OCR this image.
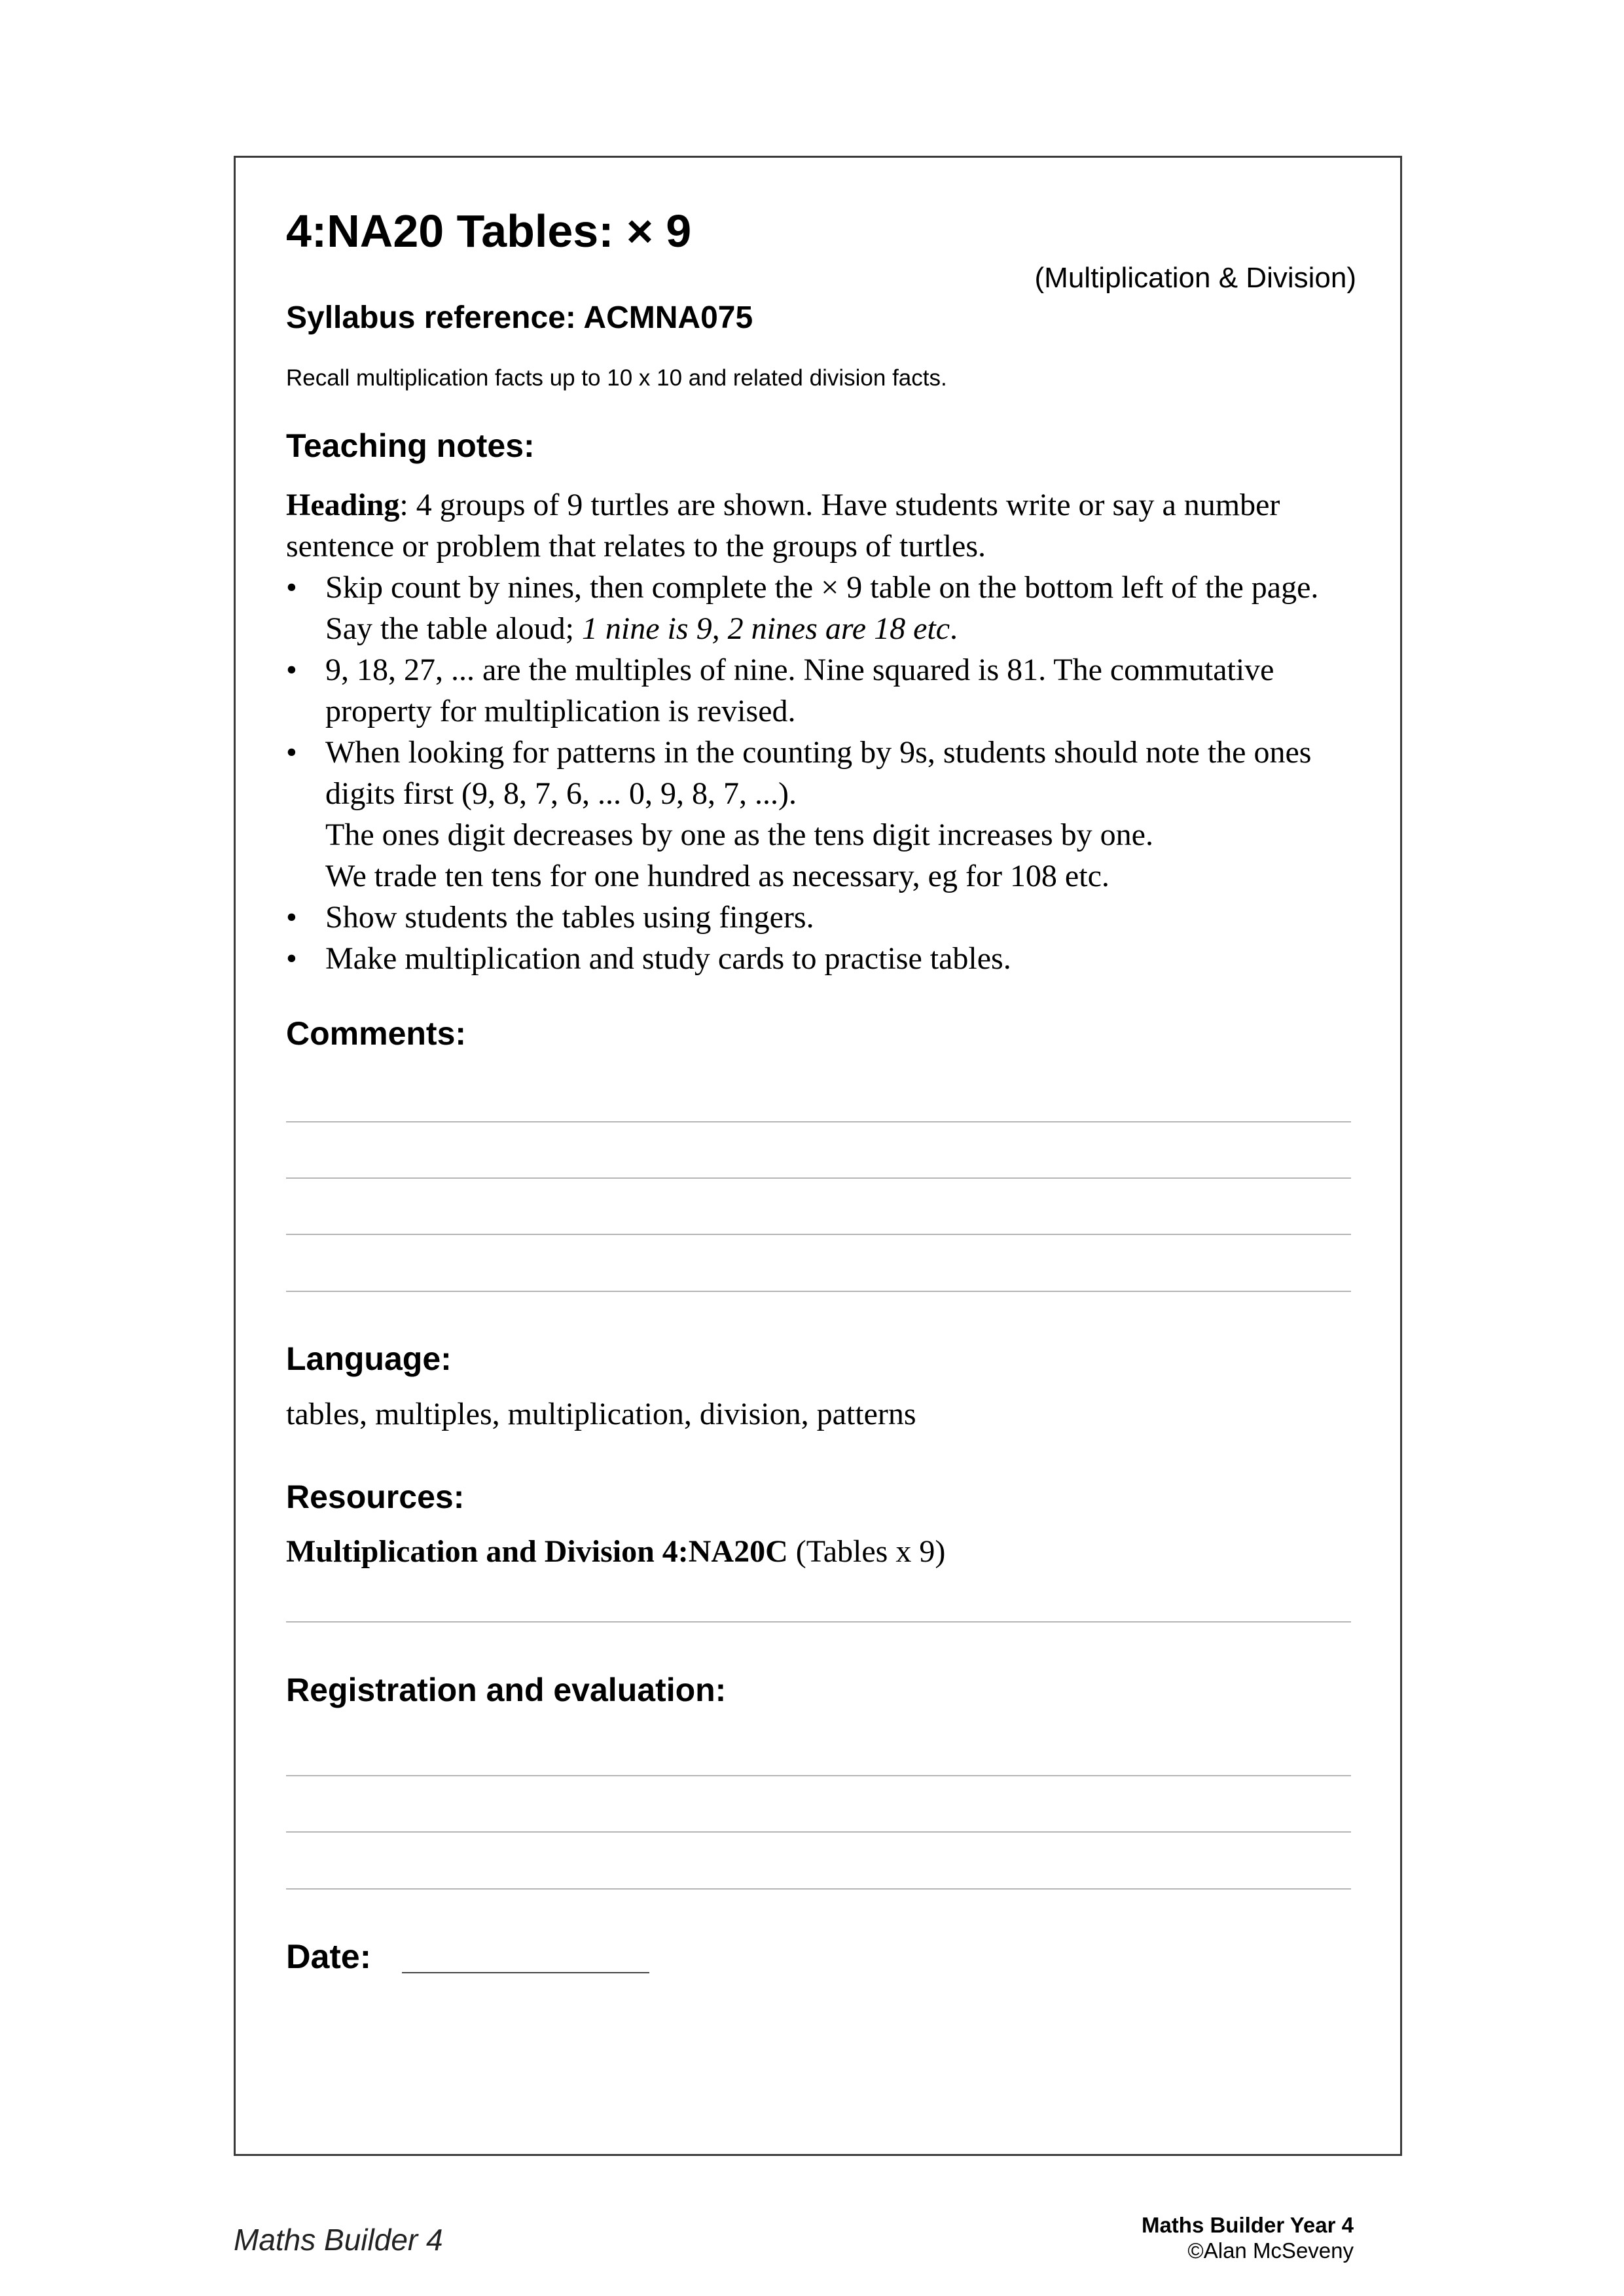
4:NA20 Tables: × 9
(Multiplication & Division)
Syllabus reference: ACMNA075
Recall multiplication facts up to 10 x 10 and related division facts.
Teaching notes:

Heading: 4 groups of 9 turtles are shown. Have students write or say a number sentence or problem that relates to the groups of turtles.

• Skip count by nines, then complete the × 9 table on the bottom left of the page. Say the table aloud; 1 nine is 9, 2 nines are 18 etc.
• 9, 18, 27, ... are the multiples of nine. Nine squared is 81. The commutative property for multiplication is revised.
• When looking for patterns in the counting by 9s, students should note the ones digits first (9, 8, 7, 6, ... 0, 9, 8, 7, ...).
The ones digit decreases by one as the tens digit increases by one.
We trade ten tens for one hundred as necessary, eg for 108 etc.
• Show students the tables using fingers.
• Make multiplication and study cards to practise tables.
Comments:
Language:
tables, multiples, multiplication, division, patterns
Resources:
Multiplication and Division 4:NA20C (Tables x 9)
Registration and evaluation:
Date:
Maths Builder 4	Maths Builder Year 4
©Alan McSeveny
